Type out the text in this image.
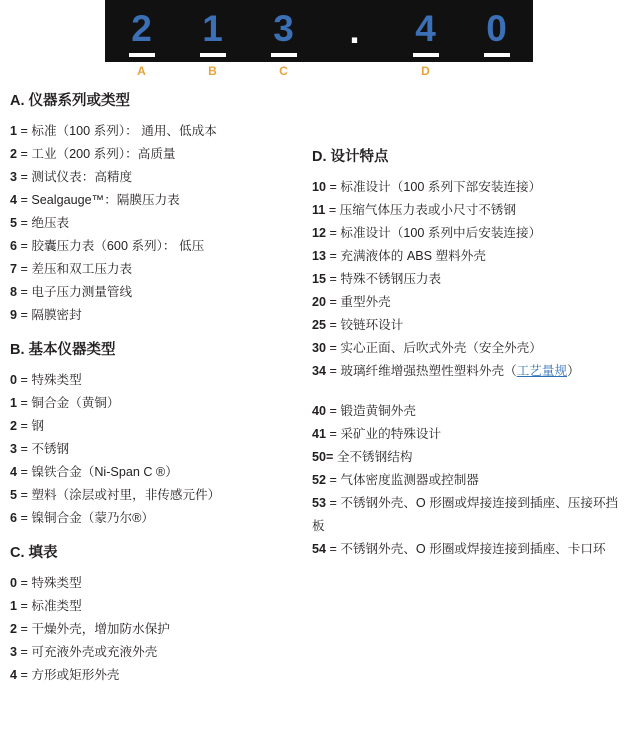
2	1	3	.	4	0
A	B	C	D
A. 仪器系列或类型
1 = 标准（100 系列）： 通用、低成本
2 = 工业（200 系列）：高质量
3 = 测试仪表：高精度
4 = Sealgauge™：隔膜压力表
5 = 绝压表
6 = 胶囊压力表（600 系列）： 低压
7 = 差压和双工压力表
8 = 电子压力测量管线
9 = 隔膜密封
B. 基本仪器类型
0 = 特殊类型
1 = 铜合金（黄铜）
2 = 钢
3 = 不锈钢
4 = 镍铁合金（Ni-Span C ®）
5 = 塑料（涂层或衬里，非传感元件）
6 = 镍铜合金（蒙乃尔®）
C. 填表
0 = 特殊类型
1 = 标准类型
2 = 干燥外壳，增加防水保护
3 = 可充液外壳或充液外壳
4 = 方形或矩形外壳
D. 设计特点
10 = 标准设计（100 系列下部安装连接）
11 = 压缩气体压力表或小尺寸不锈钢
12 = 标准设计（100 系列中后安装连接）
13 = 充满液体的 ABS 塑料外壳
15 = 特殊不锈钢压力表
20 = 重型外壳
25 = 铰链环设计
30 = 实心正面、后吹式外壳（安全外壳）
34 = 玻璃纤维增强热塑性塑料外壳（工艺量规）
40 = 锻造黄铜外壳
41 = 采矿业的特殊设计
50= 全不锈钢结构
52 = 气体密度监测器或控制器
53 = 不锈钢外壳、O 形圈或焊接连接到插座、压接环挡板
54 = 不锈钢外壳、O 形圈或焊接连接到插座、卡口环
